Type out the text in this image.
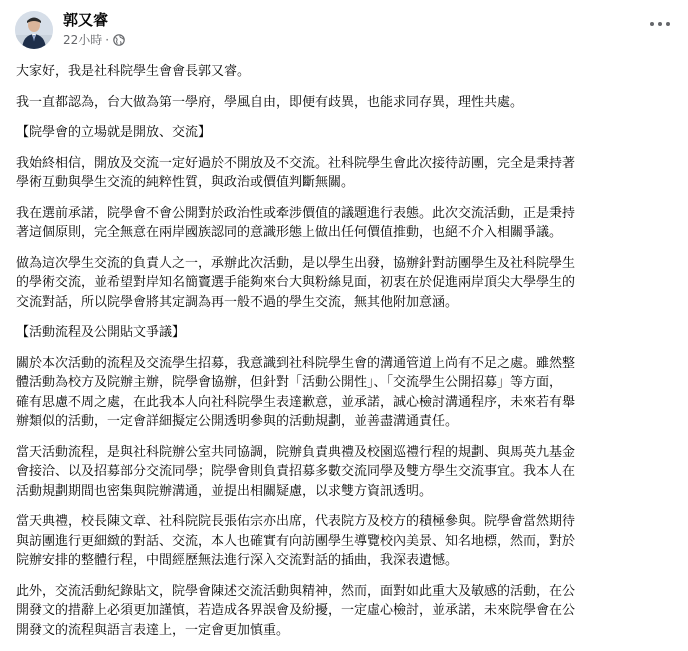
郭又睿
22小時 ·

大家好，我是社科院學生會會長郭又睿。

我一直都認為，台大做為第一學府，學風自由，即便有歧異，也能求同存異，理性共處。

【院學會的立場就是開放、交流】

我始終相信，開放及交流一定好過於不開放及不交流。社科院學生會此次接待訪團，完全是秉持著

學術互動與學生交流的純粹性質，與政治或價值判斷無關。

我在選前承諾，院學會不會公開對於政治性或牽涉價值的議題進行表態。此次交流活動，正是秉持

著這個原則，完全無意在兩岸國族認同的意識形態上做出任何價值推動，也絕不介入相關爭議。

做為這次學生交流的負責人之一，承辦此次活動，是以學生出發，協辦針對訪團學生及社科院學生

的學術交流，並希望對岸知名簡竇選手能夠來台大與粉絲見面，初衷在於促進兩岸頂尖大學學生的

交流對話，所以院學會將其定調為再一般不過的學生交流，無其他附加意涵。

【活動流程及公開貼文爭議】

關於本次活動的流程及交流學生招募，我意識到社科院學生會的溝通管道上尚有不足之處。雖然整

體活動為校方及院辦主辦，院學會協辦，但針對「活動公開性」、「交流學生公開招募」等方面，

確有思慮不周之處，在此我本人向社科院學生表達歉意，並承諾，誠心檢討溝通程序，未來若有舉

辦類似的活動，一定會詳細擬定公開透明參與的活動規劃，並善盡溝通責任。

當天活動流程，是與社科院辦公室共同協調，院辦負責典禮及校園巡禮行程的規劃、與馬英九基金

會接洽、以及招募部分交流同學；院學會則負責招募多數交流同學及雙方學生交流事宜。我本人在

活動規劃期間也密集與院辦溝通，並提出相關疑慮，以求雙方資訊透明。

當天典禮，校長陳文章、社科院院長張佑宗亦出席，代表院方及校方的積極參與。院學會當然期待

與訪團進行更細緻的對話、交流，本人也確實有向訪團學生導覽校內美景、知名地標，然而，對於

院辦安排的整體行程，中間經歷無法進行深入交流對話的插曲，我深表遺憾。

此外，交流活動紀錄貼文，院學會陳述交流活動與精神，然而，面對如此重大及敏感的活動，在公

開發文的措辭上必須更加謹慎，若造成各界誤會及紛擾，一定虛心檢討，並承諾，未來院學會在公

開發文的流程與語言表達上，一定會更加慎重。
